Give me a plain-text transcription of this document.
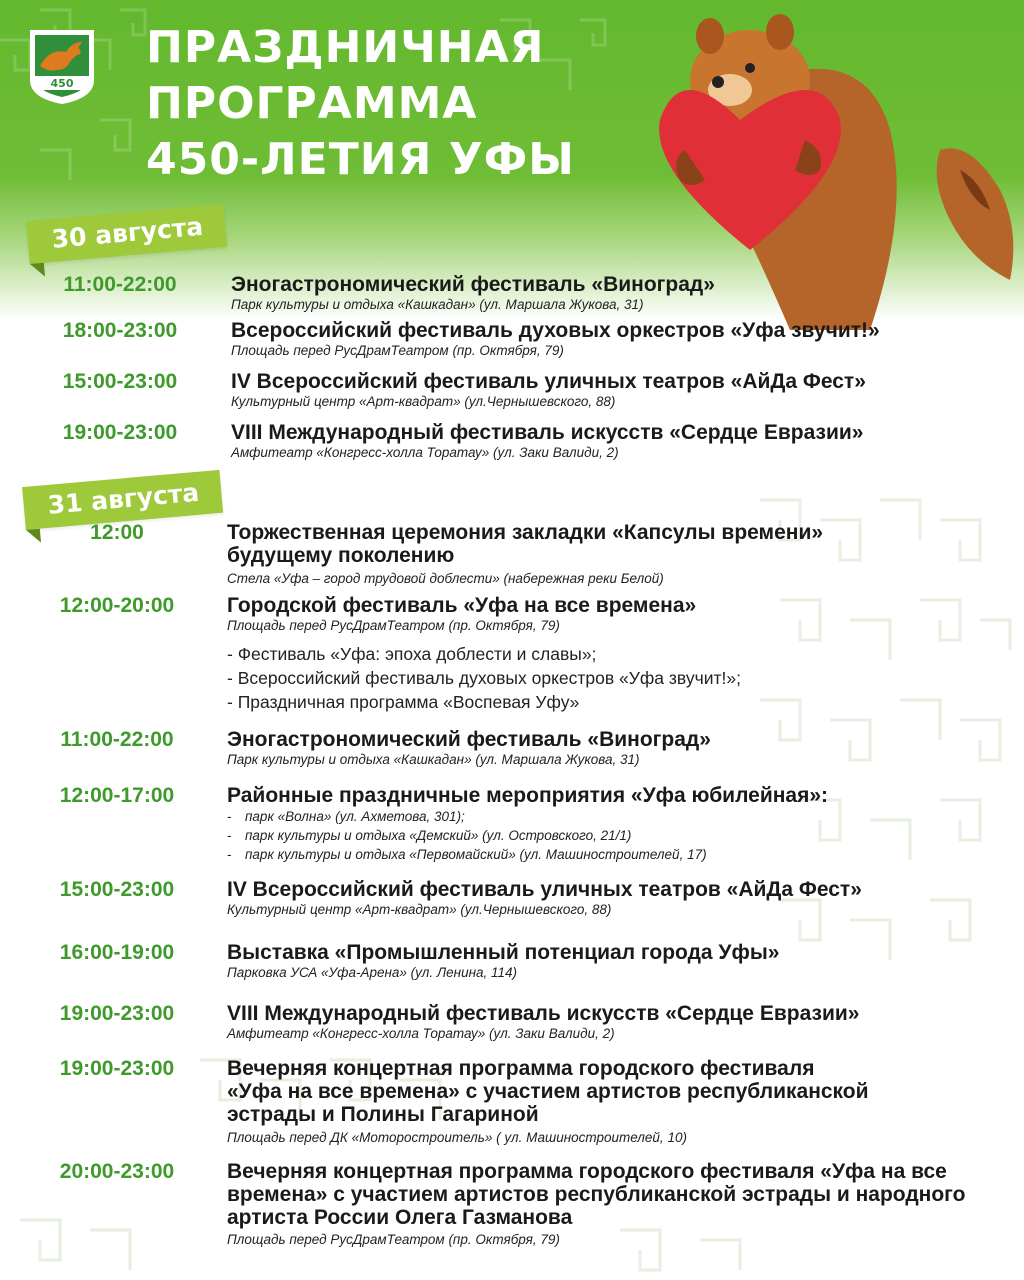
450
ПРАЗДНИЧНАЯ
ПРОГРАММА
450-ЛЕТИЯ УФЫ
30 августа
11:00-22:00	Эногастрономический фестиваль «Виноград»
Парк культуры и отдыха «Кашкадан» (ул. Маршала Жукова, 31)
18:00-23:00	Всероссийский фестиваль духовых оркестров «Уфа звучит!»
Площадь перед РусДрамТеатром (пр. Октября, 79)
15:00-23:00	IV Всероссийский фестиваль уличных театров «АйДа Фест»
Культурный центр «Арт-квадрат» (ул.Чернышевского, 88)
19:00-23:00	VIII Международный фестиваль искусств «Сердце Евразии»
Амфитеатр «Конгресс-холла Торатау» (ул. Заки Валиди, 2)
31 августа
12:00	Торжественная церемония закладки «Капсулы времени»
будущему поколению
Стела «Уфа – город трудовой доблести» (набережная реки Белой)
12:00-20:00	Городской фестиваль «Уфа на все времена»
Площадь перед РусДрамТеатром (пр. Октября, 79)
- Фестиваль «Уфа: эпоха доблести и славы»;
- Всероссийский фестиваль духовых оркестров «Уфа звучит!»;
- Праздничная программа «Воспевая Уфу»
11:00-22:00	Эногастрономический фестиваль «Виноград»
Парк культуры и отдыха «Кашкадан» (ул. Маршала Жукова, 31)
12:00-17:00	Районные праздничные мероприятия «Уфа юбилейная»:
- парк «Волна» (ул. Ахметова, 301);
- парк культуры и отдыха «Демский» (ул. Островского, 21/1)
- парк культуры и отдыха «Первомайский» (ул. Машиностроителей, 17)
15:00-23:00	IV Всероссийский фестиваль уличных театров «АйДа Фест»
Культурный центр «Арт-квадрат» (ул.Чернышевского, 88)
16:00-19:00	Выставка «Промышленный потенциал города Уфы»
Парковка УСА «Уфа-Арена» (ул. Ленина, 114)
19:00-23:00	VIII Международный фестиваль искусств «Сердце Евразии»
Амфитеатр «Конгресс-холла Торатау» (ул. Заки Валиди, 2)
19:00-23:00	Вечерняя концертная программа городского фестиваля
«Уфа на все времена» с участием артистов республиканской
эстрады и Полины Гагариной
Площадь перед ДК «Моторостроитель» ( ул. Машиностроителей, 10)
20:00-23:00	Вечерняя концертная программа городского фестиваля «Уфа на все
времена» с участием артистов республиканской эстрады и народного
артиста России Олега Газманова
Площадь перед РусДрамТеатром (пр. Октября, 79)
